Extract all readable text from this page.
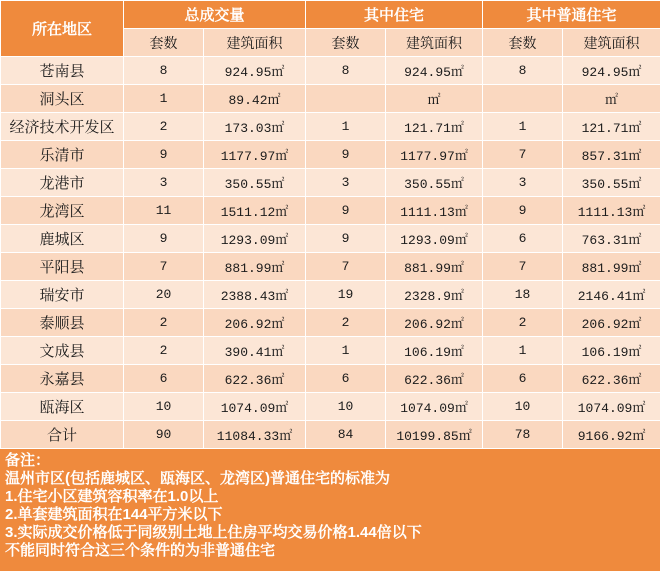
所在地区	总成交量		其中住宅		其中普通住宅	
	套数	建筑面积	套数	建筑面积	套数	建筑面积
苍南县	8	924.95㎡	8	924.95㎡	8	924.95㎡
洞头区	1	89.42㎡		㎡		㎡
经济技术开发区	2	173.03㎡	1	121.71㎡	1	121.71㎡
乐清市	9	1177.97㎡	9	1177.97㎡	7	857.31㎡
龙港市	3	350.55㎡	3	350.55㎡	3	350.55㎡
龙湾区	11	1511.12㎡	9	1111.13㎡	9	1111.13㎡
鹿城区	9	1293.09㎡	9	1293.09㎡	6	763.31㎡
平阳县	7	881.99㎡	7	881.99㎡	7	881.99㎡
瑞安市	20	2388.43㎡	19	2328.9㎡	18	2146.41㎡
泰顺县	2	206.92㎡	2	206.92㎡	2	206.92㎡
文成县	2	390.41㎡	1	106.19㎡	1	106.19㎡
永嘉县	6	622.36㎡	6	622.36㎡	6	622.36㎡
瓯海区	10	1074.09㎡	10	1074.09㎡	10	1074.09㎡
合计	90	11084.33㎡	84	10199.85㎡	78	9166.92㎡
备注：
温州市区(包括鹿城区、瓯海区、龙湾区)普通住宅的标准为
1.住宅小区建筑容积率在1.0以上
2.单套建筑面积在144平方米以下
3.实际成交价格低于同级别土地上住房平均交易价格1.44倍以下
不能同时符合这三个条件的为非普通住宅
